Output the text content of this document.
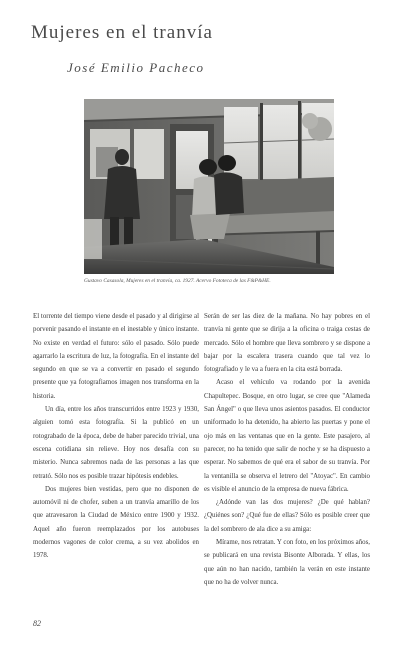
Mujeres en el tranvía
José Emilio Pacheco
Gustavo Casasola, Mujeres en el tranvía, ca. 1927. Acervo Fototeca de las F&P&HE.

El torrente del tiempo viene desde el pasado y al dirigirse al porvenir pasando el instante en el inestable y único instante. No existe en verdad el futuro: sólo el pasado. Sólo puede agarrarlo la escritura de luz, la fotografía. En el instante del segundo en que se va a convertir en pasado el segundo presente que ya fotografiamos imagen nos transforma en la historia.

Un día, entre los años transcurridos entre 1923 y 1930, alguien tomó esta fotografía. Si la publicó en un rotograbado de la época, debe de haber parecido trivial, una escena cotidiana sin relieve. Hoy nos desafía con su misterio. Nunca sabremos nada de las personas a las que retrató. Sólo nos es posible trazar hipótesis endebles.

Dos mujeres bien vestidas, pero que no disponen de automóvil ni de chofer, suben a un tranvía amarillo de los que atravesaron la Ciudad de México entre 1900 y 1932. Aquel año fueron reemplazados por los autobuses modernos vagones de color crema, a su vez abolidos en 1978.

Serán de ser las diez de la mañana. No hay pobres en el tranvía ni gente que se dirija a la oficina o traiga cestas de mercado. Sólo el hombre que lleva sombrero y se dispone a bajar por la escalera trasera cuando que tal vez lo fotografiado y le va a fuera en la cita está borrada.

Acaso el vehículo va rodando por la avenida Chapultepec. Bosque, en otro lugar, se cree que "Alameda San Ángel" o que lleva unos asientos pasados. El conductor uniformado lo ha detenido, ha abierto las puertas y pone el ojo más en las ventanas que en la gente. Este pasajero, al parecer, no ha tenido que salir de noche y se ha dispuesto a esperar. No sabemos de qué era el sabor de su tranvía. Por la ventanilla se observa el letrero del "Atoyac". En cambio es visible el anuncio de la empresa de nueva fábrica.

¿Adónde van las dos mujeres? ¿De qué hablan? ¿Quiénes son? ¿Qué fue de ellas? Sólo es posible creer que la del sombrero de ala dice a su amiga:

Mírame, nos retratan. Y con foto, en los próximos años, se publicará en una revista Bisonte Alborada. Y ellas, los que aún no han nacido, también la verán en este instante que no ha de volver nunca.

82
